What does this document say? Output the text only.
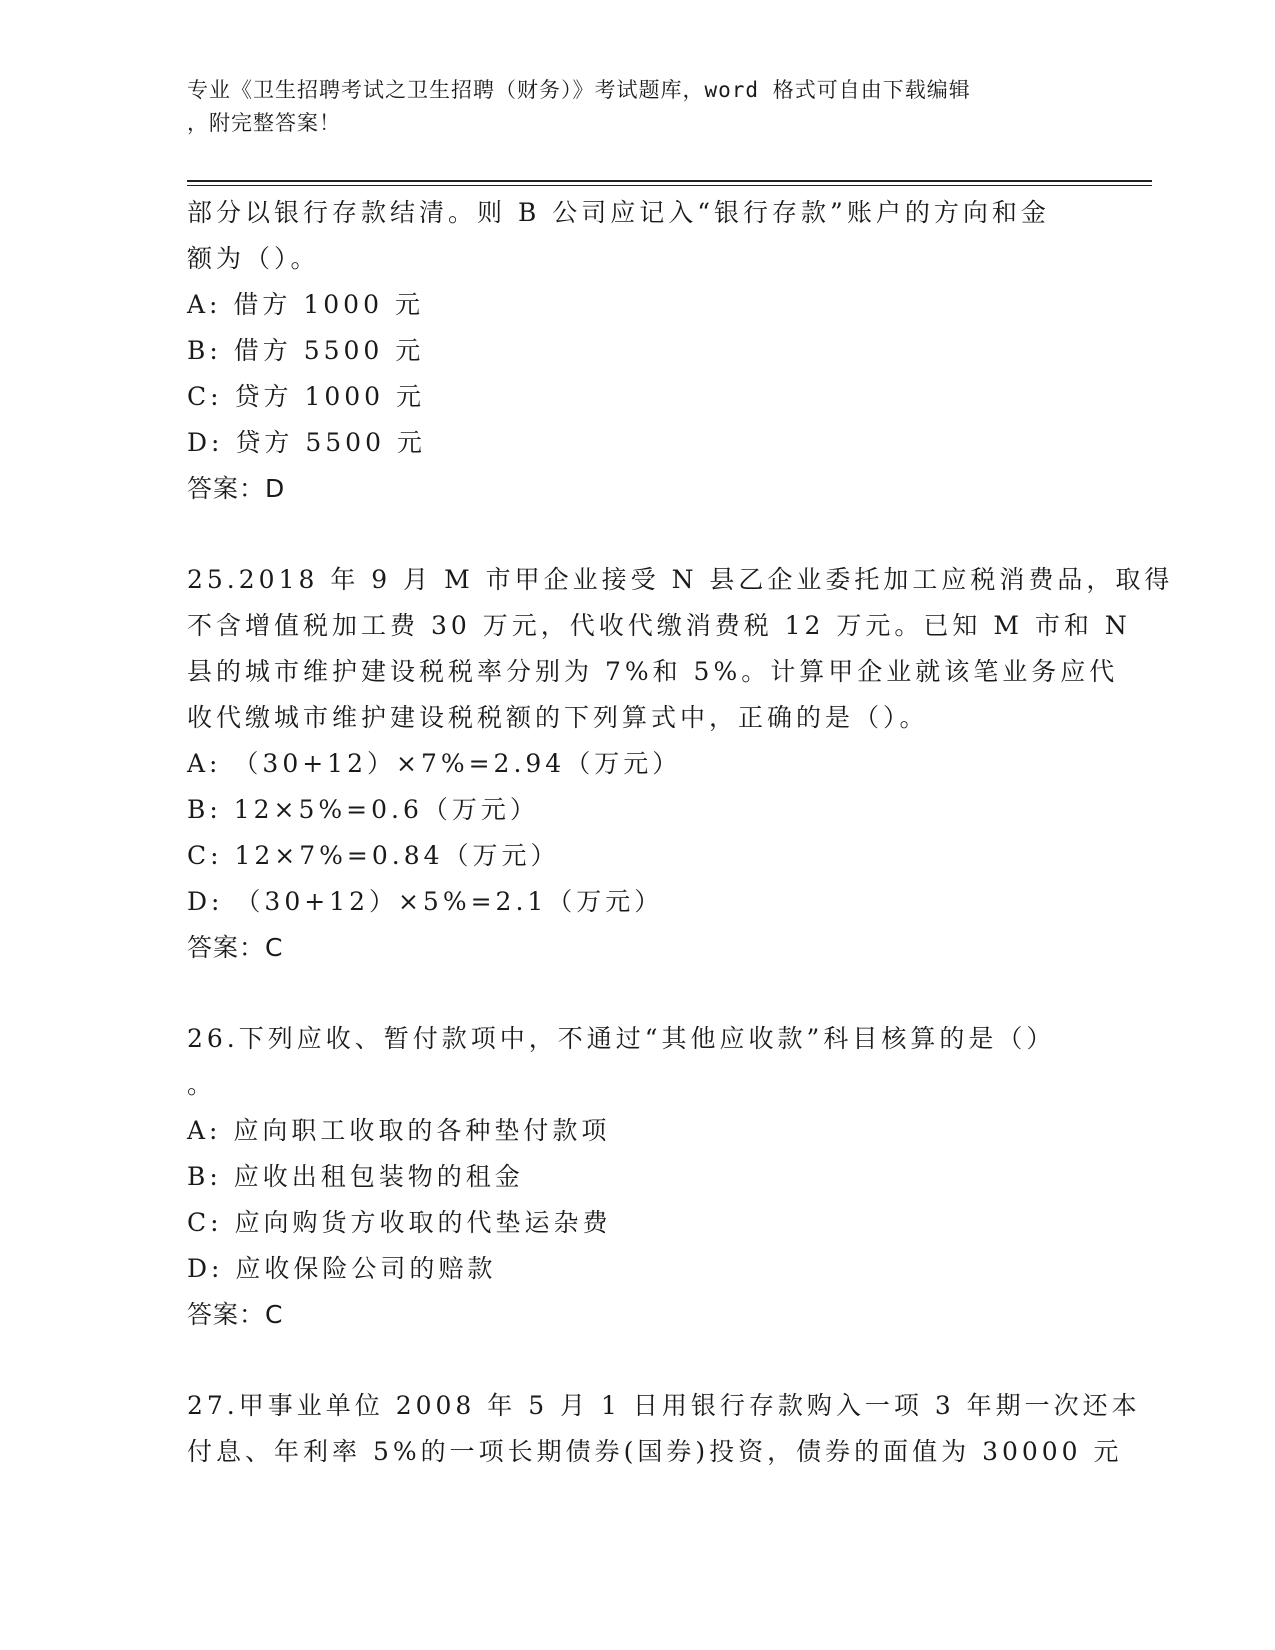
专业《卫生招聘考试之卫生招聘（财务）》考试题库，word 格式可自由下载编辑
，附完整答案！
部分以银行存款结清。则 B 公司应记入“银行存款”账户的方向和金
额为（）。
A: 借方 1000 元
B: 借方 5500 元
C: 贷方 1000 元
D: 贷方 5500 元
答案：D
25.2018 年 9 月 M 市甲企业接受 N 县乙企业委托加工应税消费品，取得
不含增值税加工费 30 万元，代收代缴消费税 12 万元。已知 M 市和 N
县的城市维护建设税税率分别为 7%和 5%。计算甲企业就该笔业务应代
收代缴城市维护建设税税额的下列算式中，正确的是（）。
A: （30+12）×7%=2.94（万元）
B: 12×5%=0.6（万元）
C: 12×7%=0.84（万元）
D: （30+12）×5%=2.1（万元）
答案：C
26.下列应收、暂付款项中，不通过“其他应收款”科目核算的是（）
。
A: 应向职工收取的各种垫付款项
B: 应收出租包装物的租金
C: 应向购货方收取的代垫运杂费
D: 应收保险公司的赔款
答案：C
27.甲事业单位 2008 年 5 月 1 日用银行存款购入一项 3 年期一次还本
付息、年利率 5%的一项长期债券(国券)投资，债券的面值为 30000 元
